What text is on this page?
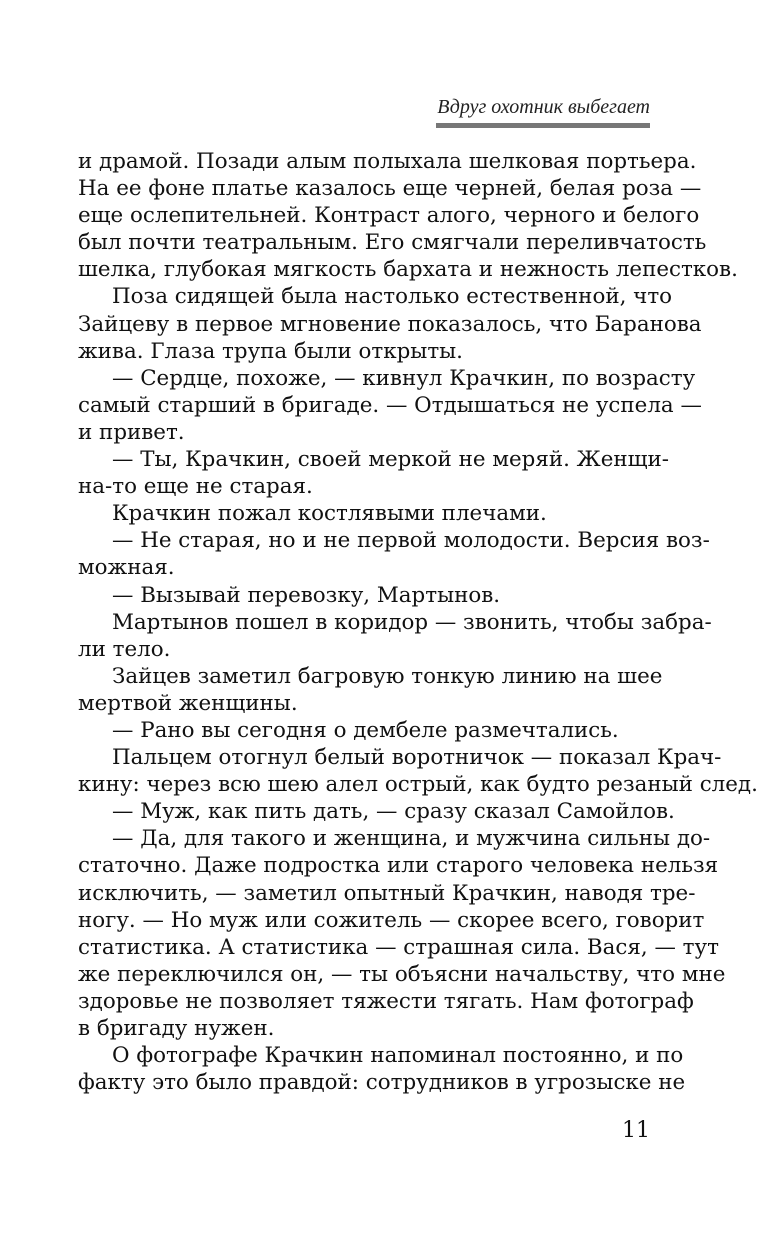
Вдруг охотник выбегает
и драмой. Позади алым полыхала шелковая портьера.
На ее фоне платье казалось еще черней, белая роза —
еще ослепительней. Контраст алого, черного и белого
был почти театральным. Его смягчали переливчатость
шелка, глубокая мягкость бархата и нежность лепестков.
Поза сидящей была настолько естественной, что
Зайцеву в первое мгновение показалось, что Баранова
жива. Глаза трупа были открыты.
— Сердце, похоже, — кивнул Крачкин, по возрасту
самый старший в бригаде. — Отдышаться не успела —
и привет.
— Ты, Крачкин, своей меркой не меряй. Женщи-
на-то еще не старая.
Крачкин пожал костлявыми плечами.
— Не старая, но и не первой молодости. Версия воз-
можная.
— Вызывай перевозку, Мартынов.
Мартынов пошел в коридор — звонить, чтобы забра-
ли тело.
Зайцев заметил багровую тонкую линию на шее
мертвой женщины.
— Рано вы сегодня о дембеле размечтались.
Пальцем отогнул белый воротничок — показал Крач-
кину: через всю шею алел острый, как будто резаный след.
— Муж, как пить дать, — сразу сказал Самойлов.
— Да, для такого и женщина, и мужчина сильны до-
статочно. Даже подростка или старого человека нельзя
исключить, — заметил опытный Крачкин, наводя тре-
ногу. — Но муж или сожитель — скорее всего, говорит
статистика. А статистика — страшная сила. Вася, — тут
же переключился он, — ты объясни начальству, что мне
здоровье не позволяет тяжести тягать. Нам фотограф
в бригаду нужен.
О фотографе Крачкин напоминал постоянно, и по
факту это было правдой: сотрудников в угрозыске не
11
